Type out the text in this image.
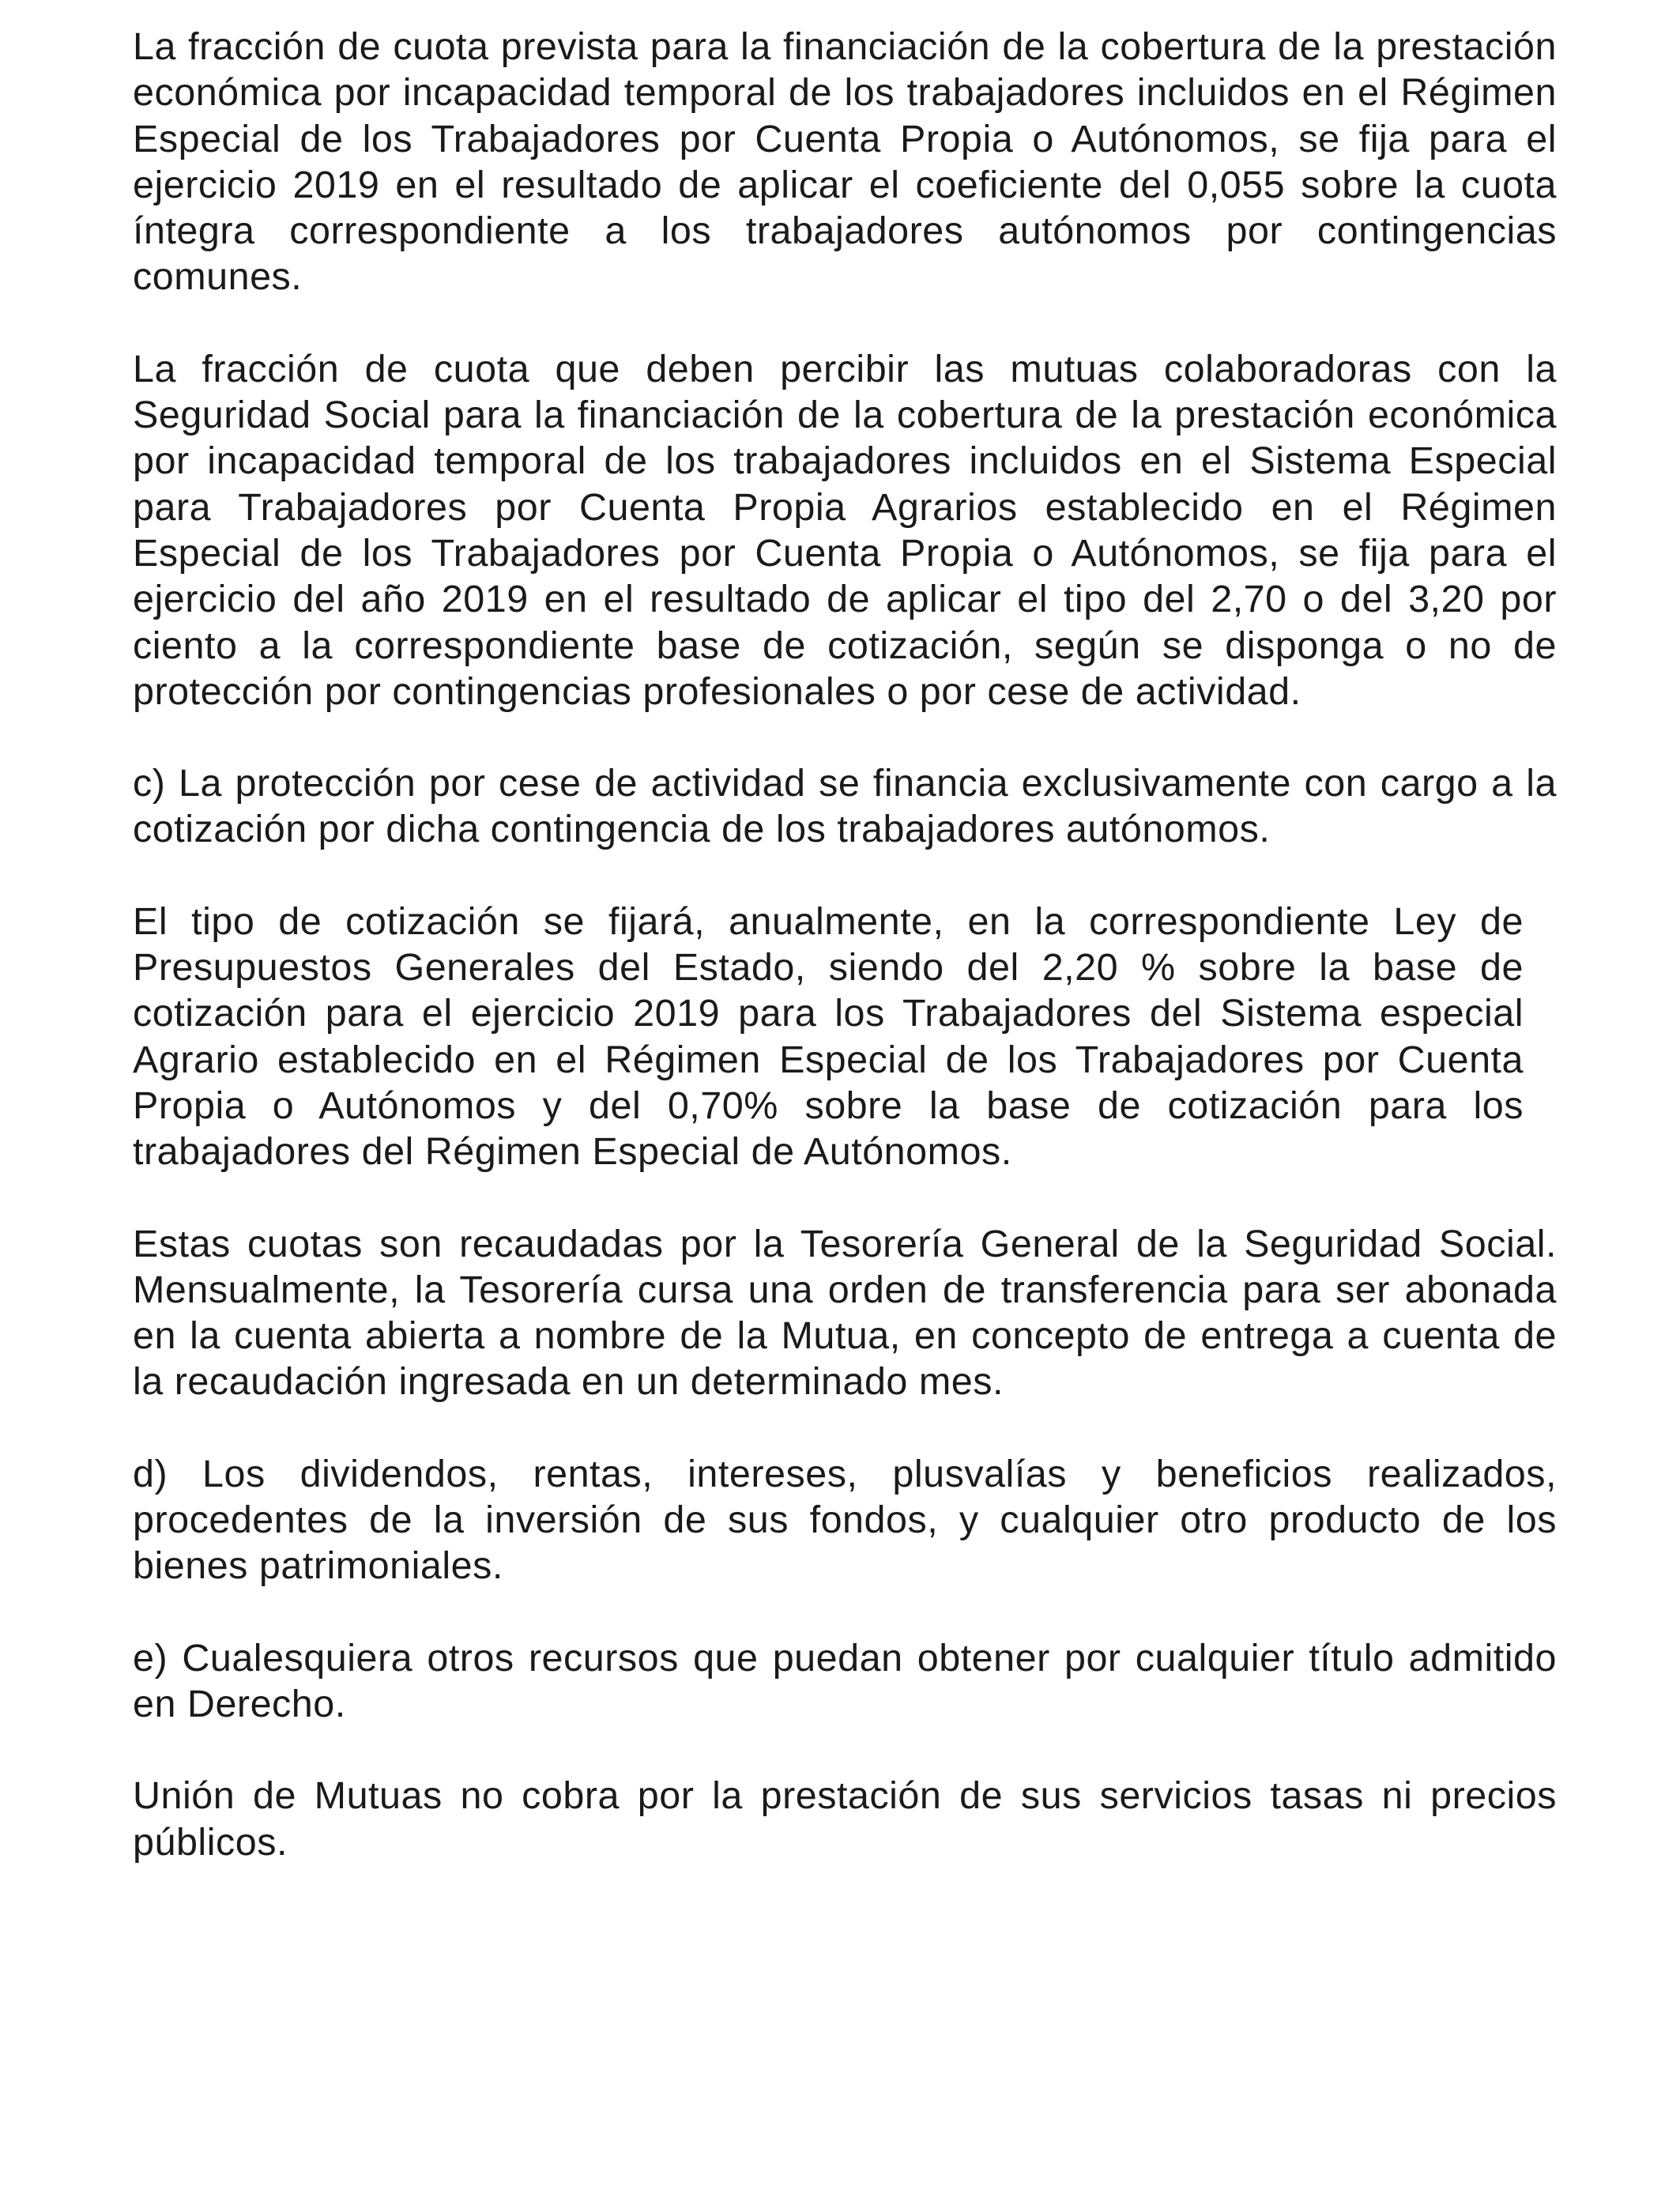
La fracción de cuota prevista para la financiación de la cobertura de la prestación económica por incapacidad temporal de los trabajadores incluidos en el Régimen Especial de los Trabajadores por Cuenta Propia o Autónomos, se fija para el ejercicio 2019 en el resultado de aplicar el coeficiente del 0,055 sobre la cuota íntegra correspondiente a los trabajadores autónomos por contingencias comunes.

La fracción de cuota que deben percibir las mutuas colaboradoras con la Seguridad Social para la financiación de la cobertura de la prestación económica por incapacidad temporal de los trabajadores incluidos en el Sistema Especial para Trabajadores por Cuenta Propia Agrarios establecido en el Régimen Especial de los Trabajadores por Cuenta Propia o Autónomos, se fija para el ejercicio del año 2019 en el resultado de aplicar el tipo del 2,70 o del 3,20 por ciento a la correspondiente base de cotización, según se disponga o no de protección por contingencias profesionales o por cese de actividad.

c) La protección por cese de actividad se financia exclusivamente con cargo a la cotización por dicha contingencia de los trabajadores autónomos.

El tipo de cotización se fijará, anualmente, en la correspondiente Ley de Presupuestos Generales del Estado, siendo del 2,20 % sobre la base de cotización para el ejercicio 2019 para los Trabajadores del Sistema especial Agrario establecido en el Régimen Especial de los Trabajadores por Cuenta Propia o Autónomos y del 0,70% sobre la base de cotización para los trabajadores del Régimen Especial de Autónomos.

Estas cuotas son recaudadas por la Tesorería General de la Seguridad Social. Mensualmente, la Tesorería cursa una orden de transferencia para ser abonada en la cuenta abierta a nombre de la Mutua, en concepto de entrega a cuenta de la recaudación ingresada en un determinado mes.

d) Los dividendos, rentas, intereses, plusvalías y beneficios realizados, procedentes de la inversión de sus fondos, y cualquier otro producto de los bienes patrimoniales.

e) Cualesquiera otros recursos que puedan obtener por cualquier título admitido en Derecho.

Unión de Mutuas no cobra por la prestación de sus servicios tasas ni precios públicos.
